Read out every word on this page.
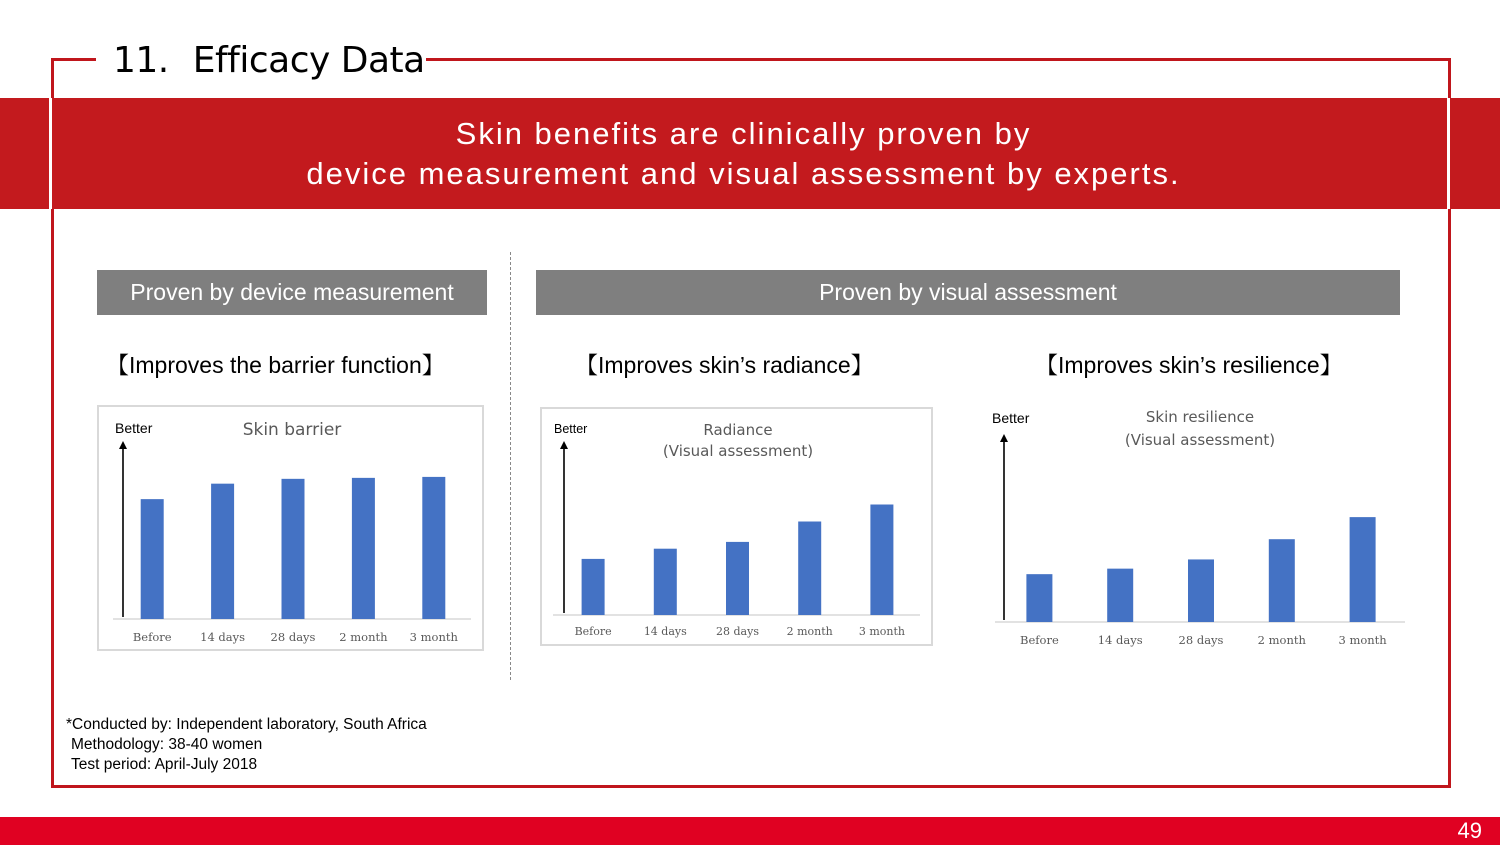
11. Efficacy Data
Skin benefits are clinically proven by
device measurement and visual assessment by experts.
Proven by device measurement	Proven by visual assessment
【Improves the barrier function】	【Improves skin’s radiance】	【Improves skin’s resilience】
Better	Skin barrier
Before 14 days 28 days 2 month 3 month
Better	Radiance
(Visual assessment)
Before	14 days	28 days	2 month 3 month
Better	Skin resilience
(Visual assessment)
Before	14 days	28 days	2 month	3 month
*Conducted by: Independent laboratory, South Africa
Methodology: 38-40 women
Test period: April-July 2018
49
